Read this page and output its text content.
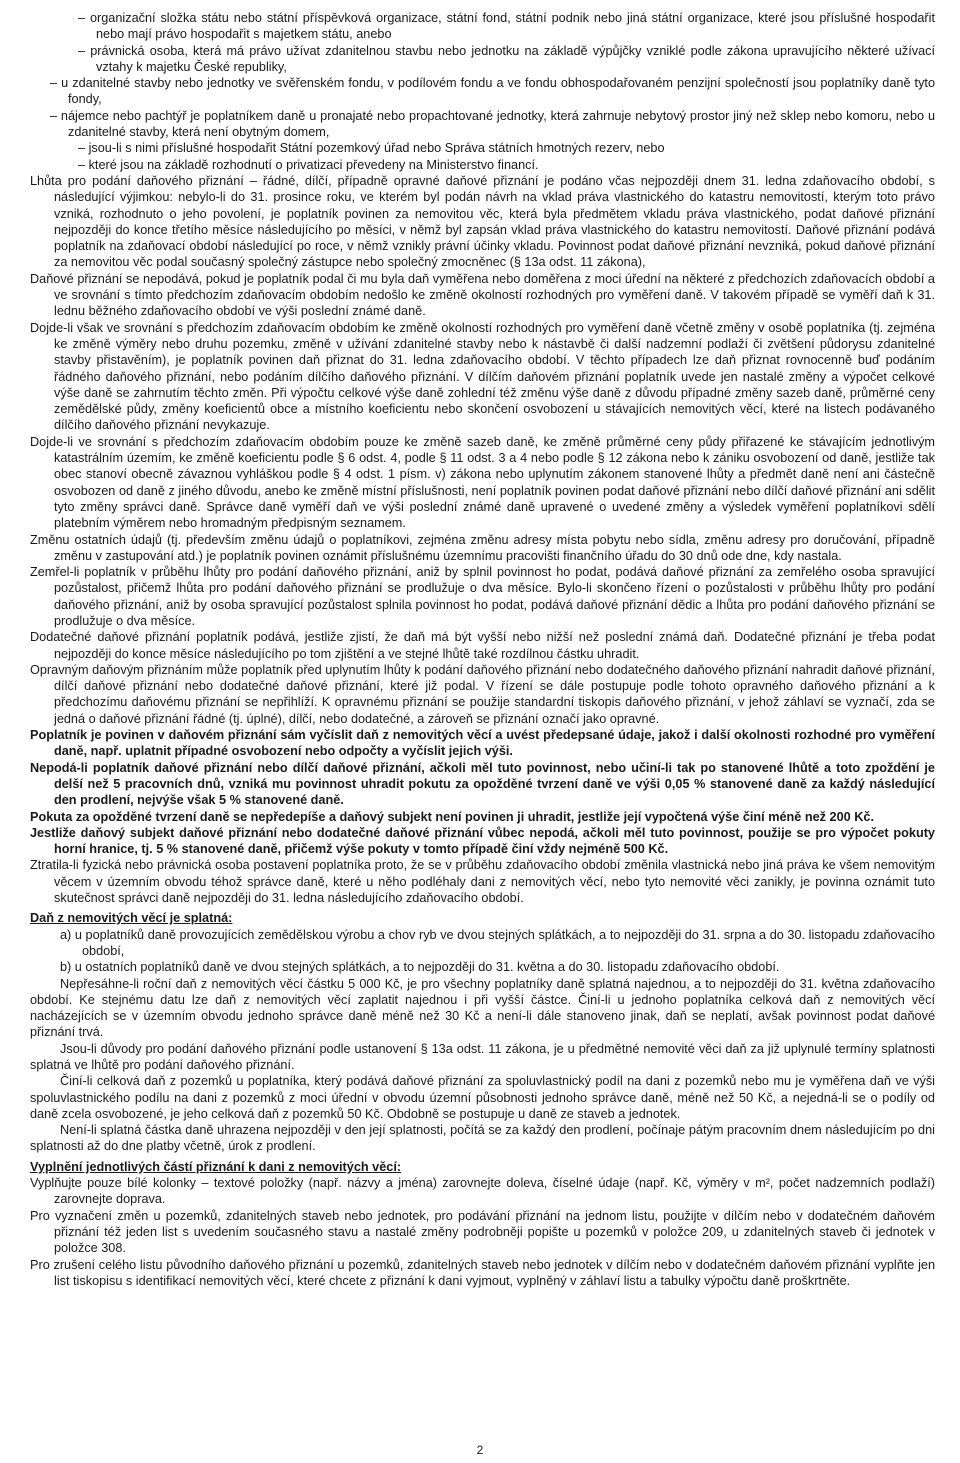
– organizační složka státu nebo státní příspěvková organizace, státní fond, státní podnik nebo jiná státní organizace, které jsou příslušné hospodařit nebo mají právo hospodařit s majetkem státu, anebo

– právnická osoba, která má právo užívat zdanitelnou stavbu nebo jednotku na základě výpůjčky vzniklé podle zákona upravujícího některé užívací vztahy k majetku České republiky,

– u zdanitelné stavby nebo jednotky ve svěřenském fondu, v podílovém fondu a ve fondu obhospodařovaném penzijní společností jsou poplatníky daně tyto fondy,

– nájemce nebo pachtýř je poplatníkem daně u pronajaté nebo propachtované jednotky, která zahrnuje nebytový prostor jiný než sklep nebo komoru, nebo u zdanitelné stavby, která není obytným domem,

– jsou-li s nimi příslušné hospodařit Státní pozemkový úřad nebo Správa státních hmotných rezerv, nebo

– které jsou na základě rozhodnutí o privatizaci převedeny na Ministerstvo financí.

Lhůta pro podání daňového přiznání – řádné, dílčí, případně opravné daňové přiznání je podáno včas nejpozději dnem 31. ledna zdaňovacího období, s následující výjimkou: nebylo-li do 31. prosince roku, ve kterém byl podán návrh na vklad práva vlastnického do katastru nemovitostí, kterým toto právo vzniká, rozhodnuto o jeho povolení, je poplatník povinen za nemovitou věc, která byla předmětem vkladu práva vlastnického, podat daňové přiznání nejpozději do konce třetího měsíce následujícího po měsíci, v němž byl zapsán vklad práva vlastnického do katastru nemovitostí. Daňové přiznání podává poplatník na zdaňovací období následující po roce, v němž vznikly právní účinky vkladu. Povinnost podat daňové přiznání nevzniká, pokud daňové přiznání za nemovitou věc podal současný společný zástupce nebo společný zmocněnec (§ 13a odst. 11 zákona),

Daňové přiznání se nepodává, pokud je poplatník podal či mu byla daň vyměřena nebo doměřena z moci úřední na některé z předchozích zdaňovacích období a ve srovnání s tímto předchozím zdaňovacím obdobím nedošlo ke změně okolností rozhodných pro vyměření daně. V takovém případě se vyměří daň k 31. lednu běžného zdaňovacího období ve výši poslední známé daně.

Dojde-li však ve srovnání s předchozím zdaňovacím obdobím ke změně okolností rozhodných pro vyměření daně včetně změny v osobě poplatníka (tj. zejména ke změně výměry nebo druhu pozemku, změně v užívání zdanitelné stavby nebo k nástavbě či další nadzemní podlaží či zvětšení půdorysu zdanitelné stavby přistavěním), je poplatník povinen daň přiznat do 31. ledna zdaňovacího období. V těchto případech lze daň přiznat rovnocenně buď podáním řádného daňového přiznání, nebo podáním dílčího daňového přiznání. V dílčím daňovém přiznání poplatník uvede jen nastalé změny a výpočet celkové výše daně se zahrnutím těchto změn. Při výpočtu celkové výše daně zohlední též změnu výše daně z důvodu případné změny sazeb daně, průměrné ceny zemědělské půdy, změny koeficientů obce a místního koeficientu nebo skončení osvobození u stávajících nemovitých věcí, které na listech podávaného dílčího daňového přiznání nevykazuje.

Dojde-li ve srovnání s předchozím zdaňovacím obdobím pouze ke změně sazeb daně, ke změně průměrné ceny půdy přiřazené ke stávajícím jednotlivým katastrálním územím, ke změně koeficientu podle § 6 odst. 4, podle § 11 odst. 3 a 4 nebo podle § 12 zákona nebo k zániku osvobození od daně, jestliže tak obec stanoví obecně závaznou vyhláškou podle § 4 odst. 1 písm. v) zákona nebo uplynutím zákonem stanovené lhůty a předmět daně není ani částečně osvobozen od daně z jiného důvodu, anebo ke změně místní příslušnosti, není poplatník povinen podat daňové přiznání nebo dílčí daňové přiznání ani sdělit tyto změny správci daně. Správce daně vyměří daň ve výši poslední známé daně upravené o uvedené změny a výsledek vyměření poplatníkovi sdělí platebním výměrem nebo hromadným předpisným seznamem.

Změnu ostatních údajů (tj. především změnu údajů o poplatníkovi, zejména změnu adresy místa pobytu nebo sídla, změnu adresy pro doručování, případně změnu v zastupování atd.) je poplatník povinen oznámit příslušnému územnímu pracovišti finančního úřadu do 30 dnů ode dne, kdy nastala.

Zemřel-li poplatník v průběhu lhůty pro podání daňového přiznání, aniž by splnil povinnost ho podat, podává daňové přiznání za zemřelého osoba spravující pozůstalost, přičemž lhůta pro podání daňového přiznání se prodlužuje o dva měsíce. Bylo-li skončeno řízení o pozůstalosti v průběhu lhůty pro podání daňového přiznání, aniž by osoba spravující pozůstalost splnila povinnost ho podat, podává daňové přiznání dědic a lhůta pro podání daňového přiznání se prodlužuje o dva měsíce.

Dodatečné daňové přiznání poplatník podává, jestliže zjistí, že daň má být vyšší nebo nižší než poslední známá daň. Dodatečné přiznání je třeba podat nejpozději do konce měsíce následujícího po tom zjištění a ve stejné lhůtě také rozdílnou částku uhradit.

Opravným daňovým přiznáním může poplatník před uplynutím lhůty k podání daňového přiznání nebo dodatečného daňového přiznání nahradit daňové přiznání, dílčí daňové přiznání nebo dodatečné daňové přiznání, které již podal. V řízení se dále postupuje podle tohoto opravného daňového přiznání a k předchozímu daňovému přiznání se nepřihlíží. K opravnému přiznání se použije standardní tiskopis daňového přiznání, v jehož záhlaví se vyznačí, zda se jedná o daňové přiznání řádné (tj. úplné), dílčí, nebo dodatečné, a zároveň se přiznání označí jako opravné.

Poplatník je povinen v daňovém přiznání sám vyčíslit daň z nemovitých věcí a uvést předepsané údaje, jakož i další okolnosti rozhodné pro vyměření daně, např. uplatnit případné osvobození nebo odpočty a vyčíslit jejich výši.

Nepodá-li poplatník daňové přiznání nebo dílčí daňové přiznání, ačkoli měl tuto povinnost, nebo učiní-li tak po stanovené lhůtě a toto zpoždění je delší než 5 pracovních dnů, vzniká mu povinnost uhradit pokutu za opožděné tvrzení daně ve výši 0,05 % stanovené daně za každý následující den prodlení, nejvýše však 5 % stanovené daně.

Pokuta za opožděné tvrzení daně se nepředepíše a daňový subjekt není povinen ji uhradit, jestliže její vypočtená výše činí méně než 200 Kč.

Jestliže daňový subjekt daňové přiznání nebo dodatečné daňové přiznání vůbec nepodá, ačkoli měl tuto povinnost, použije se pro výpočet pokuty horní hranice, tj. 5 % stanovené daně, přičemž výše pokuty v tomto případě činí vždy nejméně 500 Kč.

Ztratila-li fyzická nebo právnická osoba postavení poplatníka proto, že se v průběhu zdaňovacího období změnila vlastnická nebo jiná práva ke všem nemovitým věcem v územním obvodu téhož správce daně, které u něho podléhaly dani z nemovitých věcí, nebo tyto nemovité věci zanikly, je povinna oznámit tuto skutečnost správci daně nejpozději do 31. ledna následujícího zdaňovacího období.

Daň z nemovitých věcí je splatná:

a) u poplatníků daně provozujících zemědělskou výrobu a chov ryb ve dvou stejných splátkách, a to nejpozději do 31. srpna a do 30. listopadu zdaňovacího období,

b) u ostatních poplatníků daně ve dvou stejných splátkách, a to nejpozději do 31. května a do 30. listopadu zdaňovacího období.

Nepřesáhne-li roční daň z nemovitých věcí částku 5 000 Kč, je pro všechny poplatníky daně splatná najednou, a to nejpozději do 31. května zdaňovacího období. Ke stejnému datu lze daň z nemovitých věcí zaplatit najednou i při vyšší částce. Činí-li u jednoho poplatníka celková daň z nemovitých věcí nacházejících se v územním obvodu jednoho správce daně méně než 30 Kč a není-li dále stanoveno jinak, daň se neplatí, avšak povinnost podat daňové přiznání trvá.

Jsou-li důvody pro podání daňového přiznání podle ustanovení § 13a odst. 11 zákona, je u předmětné nemovité věci daň za již uplynulé termíny splatnosti splatná ve lhůtě pro podání daňového přiznání.

Činí-li celková daň z pozemků u poplatníka, který podává daňové přiznání za spoluvlastnický podíl na dani z pozemků nebo mu je vyměřena daň ve výši spoluvlastnického podílu na dani z pozemků z moci úřední v obvodu územní působnosti jednoho správce daně, méně než 50 Kč, a nejedná-li se o podíly od daně zcela osvobozené, je jeho celková daň z pozemků 50 Kč. Obdobně se postupuje u daně ze staveb a jednotek.

Není-li splatná částka daně uhrazena nejpozději v den její splatnosti, počítá se za každý den prodlení, počínaje pátým pracovním dnem následujícím po dni splatnosti až do dne platby včetně, úrok z prodlení.

Vyplnění jednotlivých částí přiznání k dani z nemovitých věcí:

Vyplňujte pouze bílé kolonky – textové položky (např. názvy a jména) zarovnejte doleva, číselné údaje (např. Kč, výměry v m², počet nadzemních podlaží) zarovnejte doprava.

Pro vyznačení změn u pozemků, zdanitelných staveb nebo jednotek, pro podávání přiznání na jednom listu, použijte v dílčím nebo v dodatečném daňovém přiznání též jeden list s uvedením současného stavu a nastalé změny podrobněji popište u pozemků v položce 209, u zdanitelných staveb či jednotek v položce 308.

Pro zrušení celého listu původního daňového přiznání u pozemků, zdanitelných staveb nebo jednotek v dílčím nebo v dodatečném daňovém přiznání vyplňte jen list tiskopisu s identifikací nemovitých věcí, které chcete z přiznání k dani vyjmout, vyplněný v záhlaví listu a tabulky výpočtu daně proškrtněte.

2
